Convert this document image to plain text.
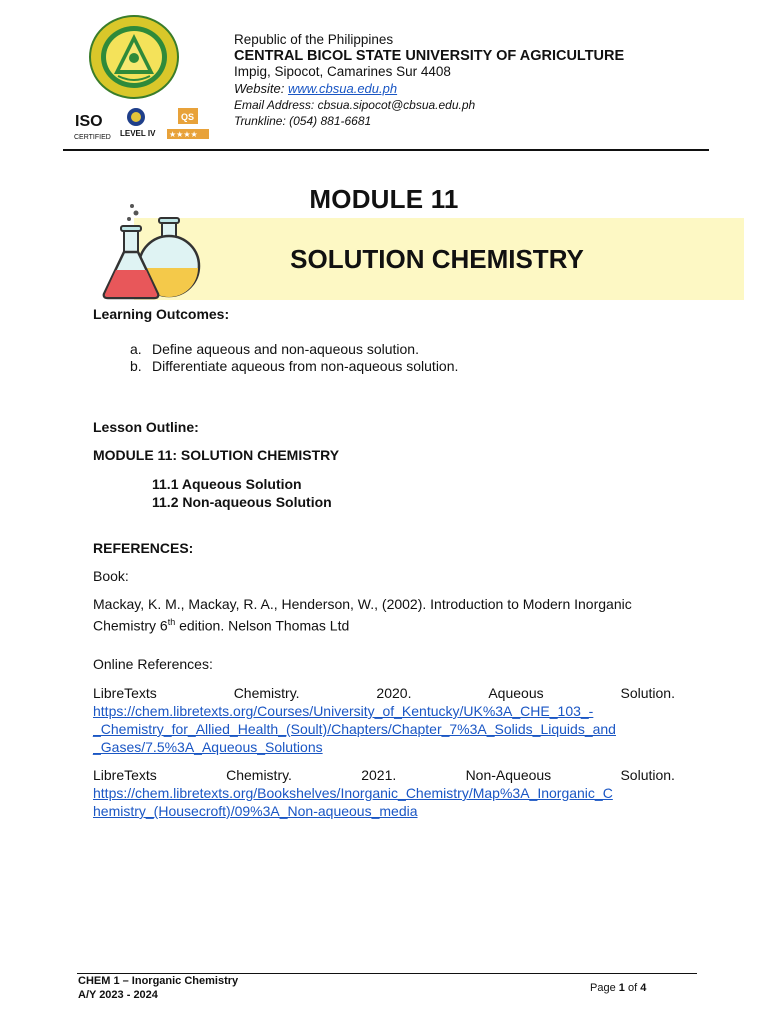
ISO
CERTIFIED LEVEL IV
QS
★★★★
Republic of the Philippines
CENTRAL BICOL STATE UNIVERSITY OF AGRICULTURE
Impig, Sipocot, Camarines Sur 4408
Website: www.cbsua.edu.ph
Email Address: cbsua.sipocot@cbsua.edu.ph
Trunkline: (054) 881-6681
MODULE 11
SOLUTION CHEMISTRY
Learning Outcomes:
a. Define aqueous and non-aqueous solution.
b. Differentiate aqueous from non-aqueous solution.
Lesson Outline:
MODULE 11: SOLUTION CHEMISTRY
11.1 Aqueous Solution
11.2 Non-aqueous Solution
REFERENCES:
Book:
Mackay, K. M., Mackay, R. A., Henderson, W., (2002). Introduction to Modern Inorganic
Chemistry 6th edition. Nelson Thomas Ltd
Online References:
LibreTexts	Chemistry.	2020.	Aqueous	Solution.
https://chem.libretexts.org/Courses/University_of_Kentucky/UK%3A_CHE_103_-
_Chemistry_for_Allied_Health_(Soult)/Chapters/Chapter_7%3A_Solids_Liquids_and
_Gases/7.5%3A_Aqueous_Solutions
LibreTexts	Chemistry.	2021.	Non-Aqueous	Solution.
https://chem.libretexts.org/Bookshelves/Inorganic_Chemistry/Map%3A_Inorganic_C
hemistry_(Housecroft)/09%3A_Non-aqueous_media
CHEM 1 – Inorganic Chemistry
A/Y 2023 - 2024
Page 1 of 4
